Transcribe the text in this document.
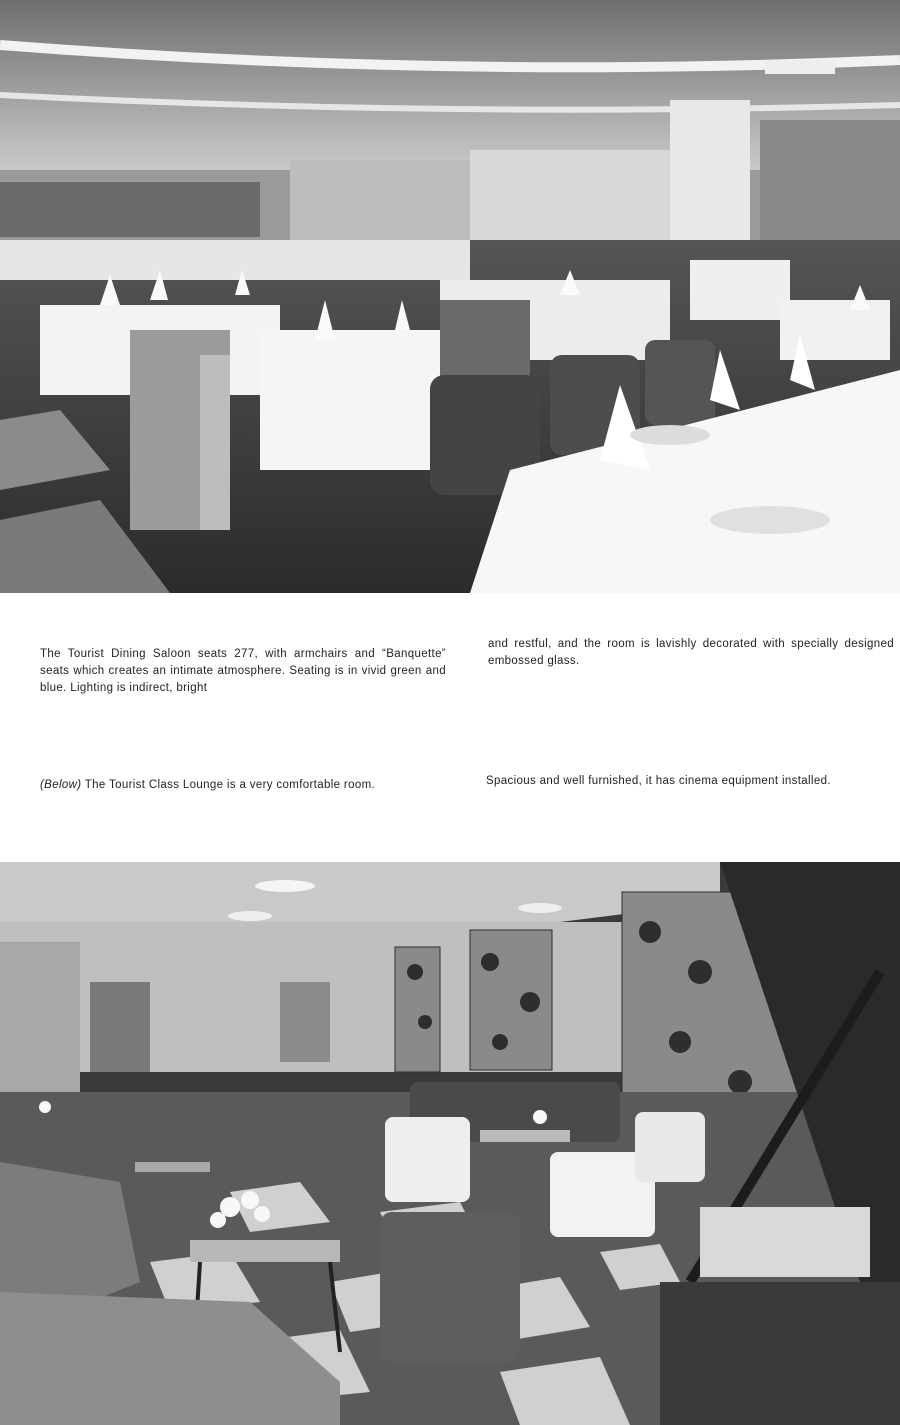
The Tourist Dining Saloon seats 277, with armchairs and “Banquette” seats which creates an intimate atmosphere. Seating is in vivid green and blue. Lighting is indirect, bright
and restful, and the room is lavishly decorated with specially designed embossed glass.
(Below) The Tourist Class Lounge is a very comfortable room.	Spacious and well furnished, it has cinema equipment installed.
